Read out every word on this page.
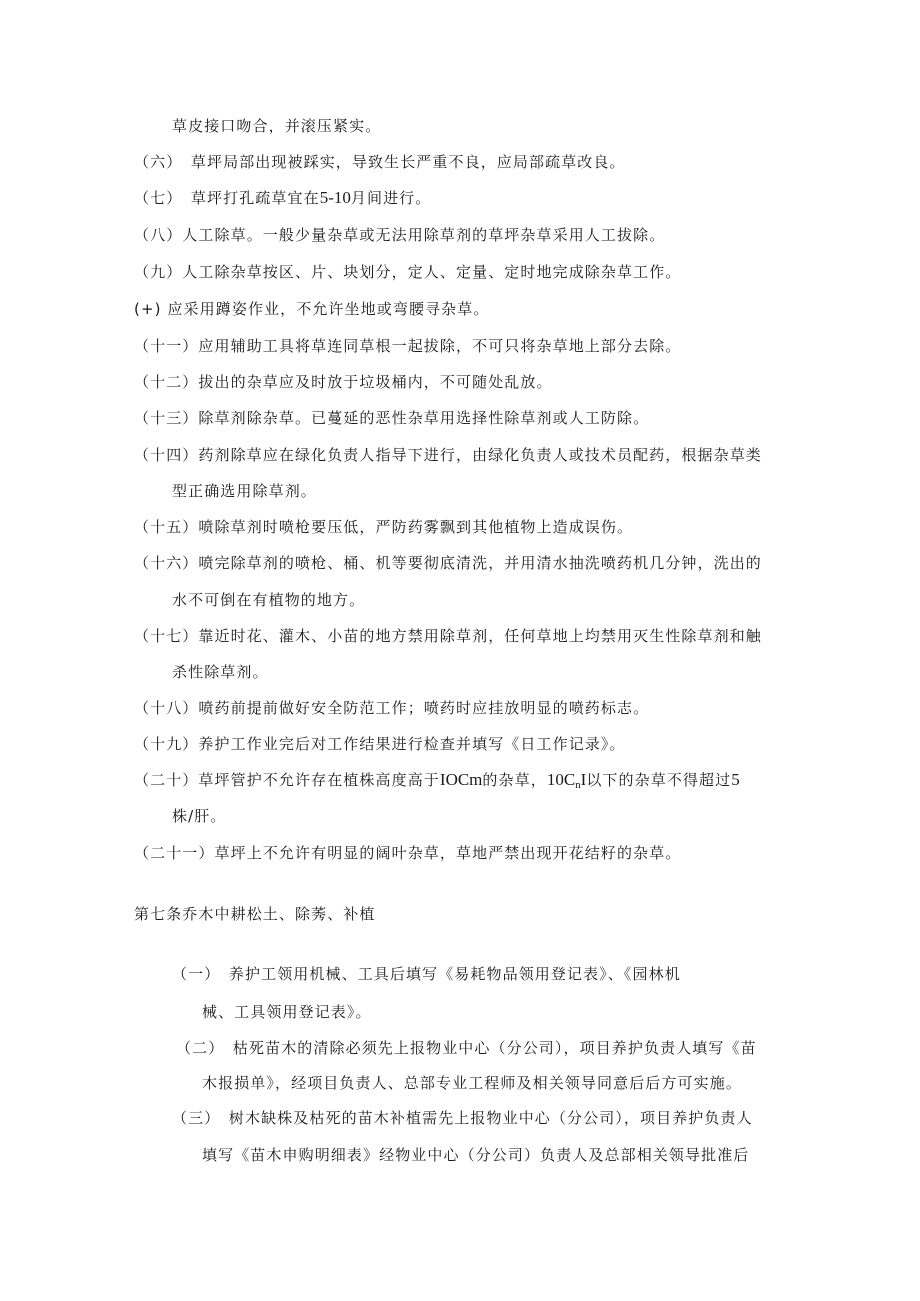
草皮接口吻合，并滚压紧实。
（六）　草坪局部出现被踩实，导致生长严重不良，应局部疏草改良。
（七）　草坪打孔疏草宜在5-10月间进行。
（八）人工除草。一般少量杂草或无法用除草剂的草坪杂草采用人工拔除。
（九）人工除杂草按区、片、块划分，定人、定量、定时地完成除杂草工作。
(+) 应采用蹲姿作业，不允许坐地或弯腰寻杂草。
（十一）应用辅助工具将草连同草根一起拔除，不可只将杂草地上部分去除。
（十二）拔出的杂草应及时放于垃圾桶内，不可随处乱放。
（十三）除草剂除杂草。已蔓延的恶性杂草用选择性除草剂或人工防除。
（十四）药剂除草应在绿化负责人指导下进行，由绿化负责人或技术员配药，根据杂草类
型正确选用除草剂。
（十五）喷除草剂时喷枪要压低，严防药雾飘到其他植物上造成误伤。
（十六）喷完除草剂的喷枪、桶、机等要彻底清洗，并用清水抽洗喷药机几分钟，洗出的
水不可倒在有植物的地方。
（十七）靠近时花、灌木、小苗的地方禁用除草剂，任何草地上均禁用灭生性除草剂和触
杀性除草剂。
（十八）喷药前提前做好安全防范工作；喷药时应挂放明显的喷药标志。
（十九）养护工作业完后对工作结果进行检查并填写《日工作记录》。
（二十）草坪管护不允许存在植株高度高于IOCm的杂草，$10C_nI$以下的杂草不得超过5
株/肝。
（二十一）草坪上不允许有明显的阔叶杂草，草地严禁出现开花结籽的杂草。
第七条乔木中耕松土、除莠、补植
（一）　养护工领用机械、工具后填写《易耗物品领用登记表》、《园林机
械、工具领用登记表》。
（二）　枯死苗木的清除必须先上报物业中心（分公司），项目养护负责人填写《苗
木报损单》，经项目负责人、总部专业工程师及相关领导同意后后方可实施。
（三）　树木缺株及枯死的苗木补植需先上报物业中心（分公司），项目养护负责人
填写《苗木申购明细表》经物业中心（分公司）负责人及总部相关领导批准后
